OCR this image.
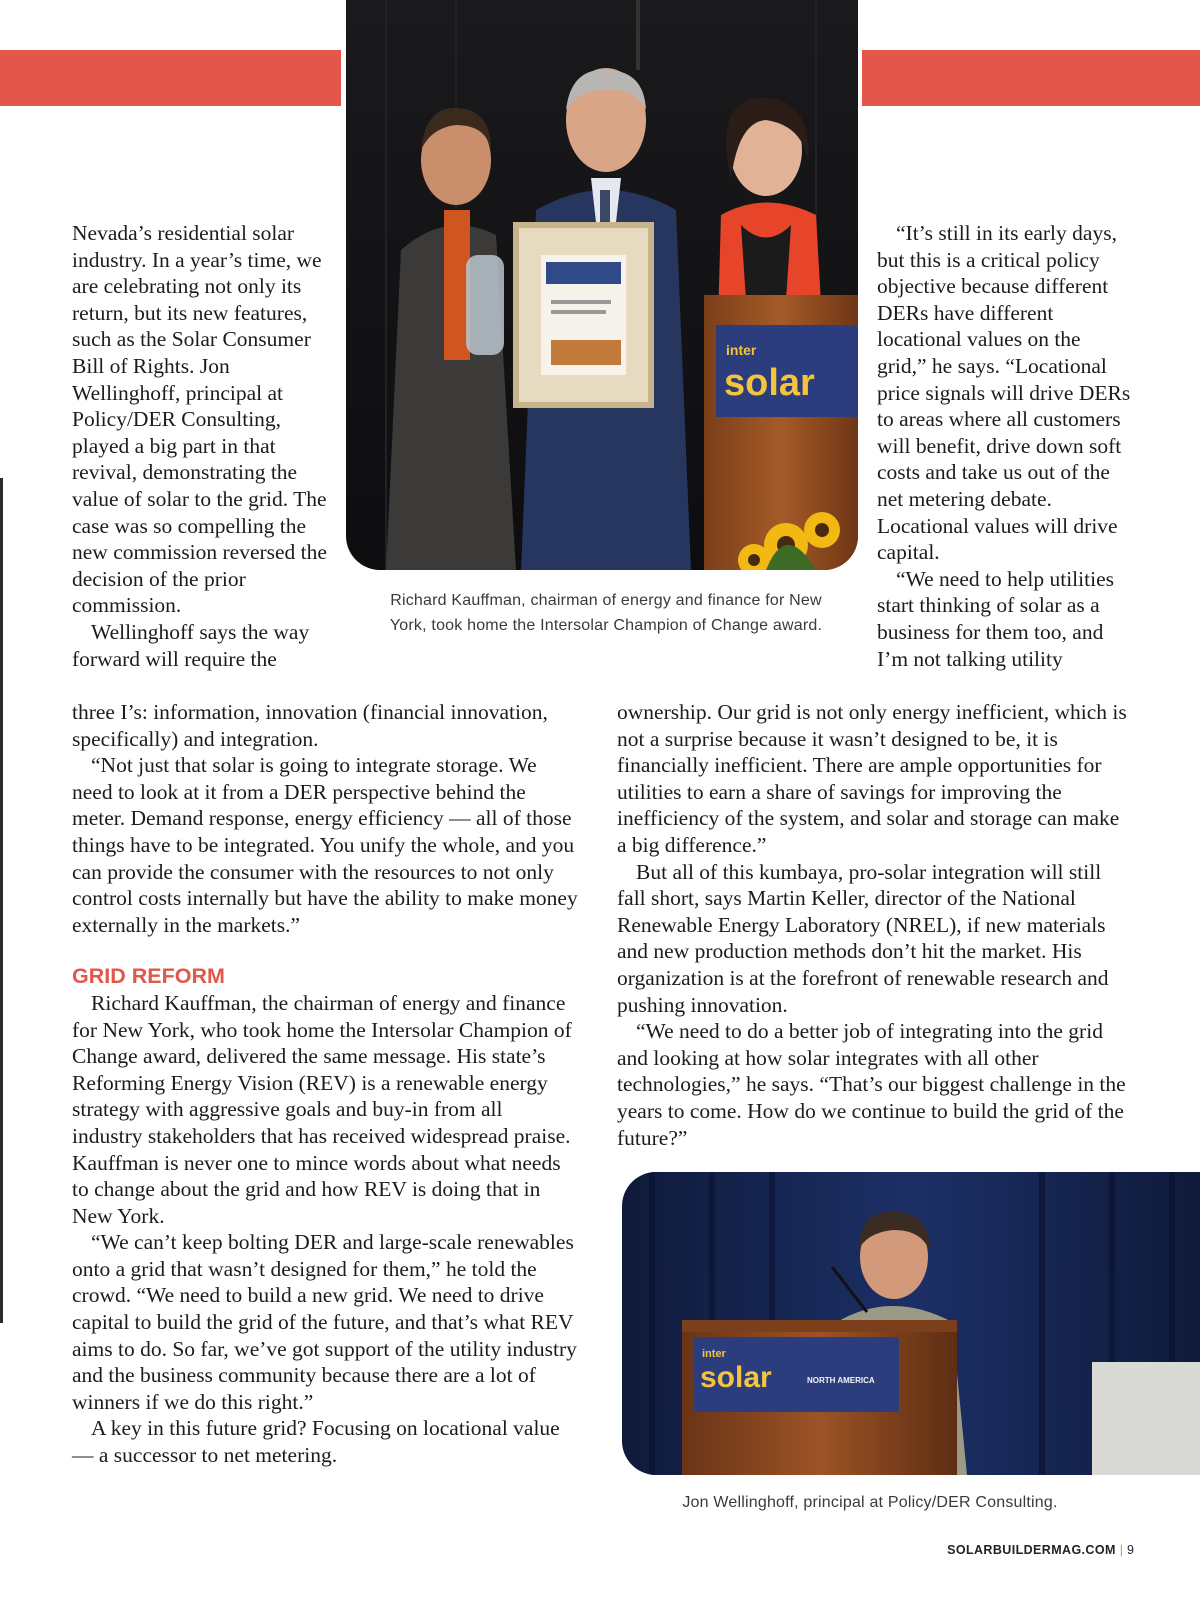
Nevada’s residential solar industry. In a year’s time, we are celebrating not only its return, but its new features, such as the Solar Consumer Bill of Rights. Jon Wellinghoff, principal at Policy/DER Consulting, played a big part in that revival, demonstrating the value of solar to the grid. The case was so compelling the new commission reversed the decision of the prior commission.

Wellinghoff says the way forward will require the

three I’s: information, innovation (financial innovation, specifically) and integration.

“Not just that solar is going to integrate storage. We need to look at it from a DER perspective behind the meter. Demand response, energy efficiency — all of those things have to be integrated. You unify the whole, and you can provide the consumer with the resources to not only control costs internally but have the ability to make money externally in the markets.”

GRID REFORM

Richard Kauffman, the chairman of energy and finance for New York, who took home the Intersolar Champion of Change award, delivered the same message. His state’s Reforming Energy Vision (REV) is a renewable energy strategy with aggressive goals and buy-in from all industry stakeholders that has received widespread praise. Kauffman is never one to mince words about what needs to change about the grid and how REV is doing that in New York.

“We can’t keep bolting DER and large-scale renewables onto a grid that wasn’t designed for them,” he told the crowd. “We need to build a new grid. We need to drive capital to build the grid of the future, and that’s what REV aims to do. So far, we’ve got support of the utility industry and the business community because there are a lot of winners if we do this right.”

A key in this future grid? Focusing on locational value — a successor to net metering.

“It’s still in its early days, but this is a critical policy objective because different DERs have different locational values on the grid,” he says. “Locational price signals will drive DERs to areas where all customers will benefit, drive down soft costs and take us out of the net metering debate. Locational values will drive capital.

“We need to help utilities start thinking of solar as a business for them too, and I’m not talking utility

ownership. Our grid is not only energy inefficient, which is not a surprise because it wasn’t designed to be, it is financially inefficient. There are ample opportunities for utilities to earn a share of savings for improving the inefficiency of the system, and solar and storage can make a big difference.”

But all of this kumbaya, pro-solar integration will still fall short, says Martin Keller, director of the National Renewable Energy Laboratory (NREL), if new materials and new production methods don’t hit the market. His organization is at the forefront of renewable research and pushing innovation.

“We need to do a better job of integrating into the grid and looking at how solar integrates with all other technologies,” he says. “That’s our biggest challenge in the years to come. How do we continue to build the grid of the future?”

inter
solar
Richard Kauffman, chairman of energy and finance for New York, took home the Intersolar Champion of Change award.
inter
solar	NORTH AMERICA
Jon Wellinghoff, principal at Policy/DER Consulting.
SOLARBUILDERMAG.COM | 9
